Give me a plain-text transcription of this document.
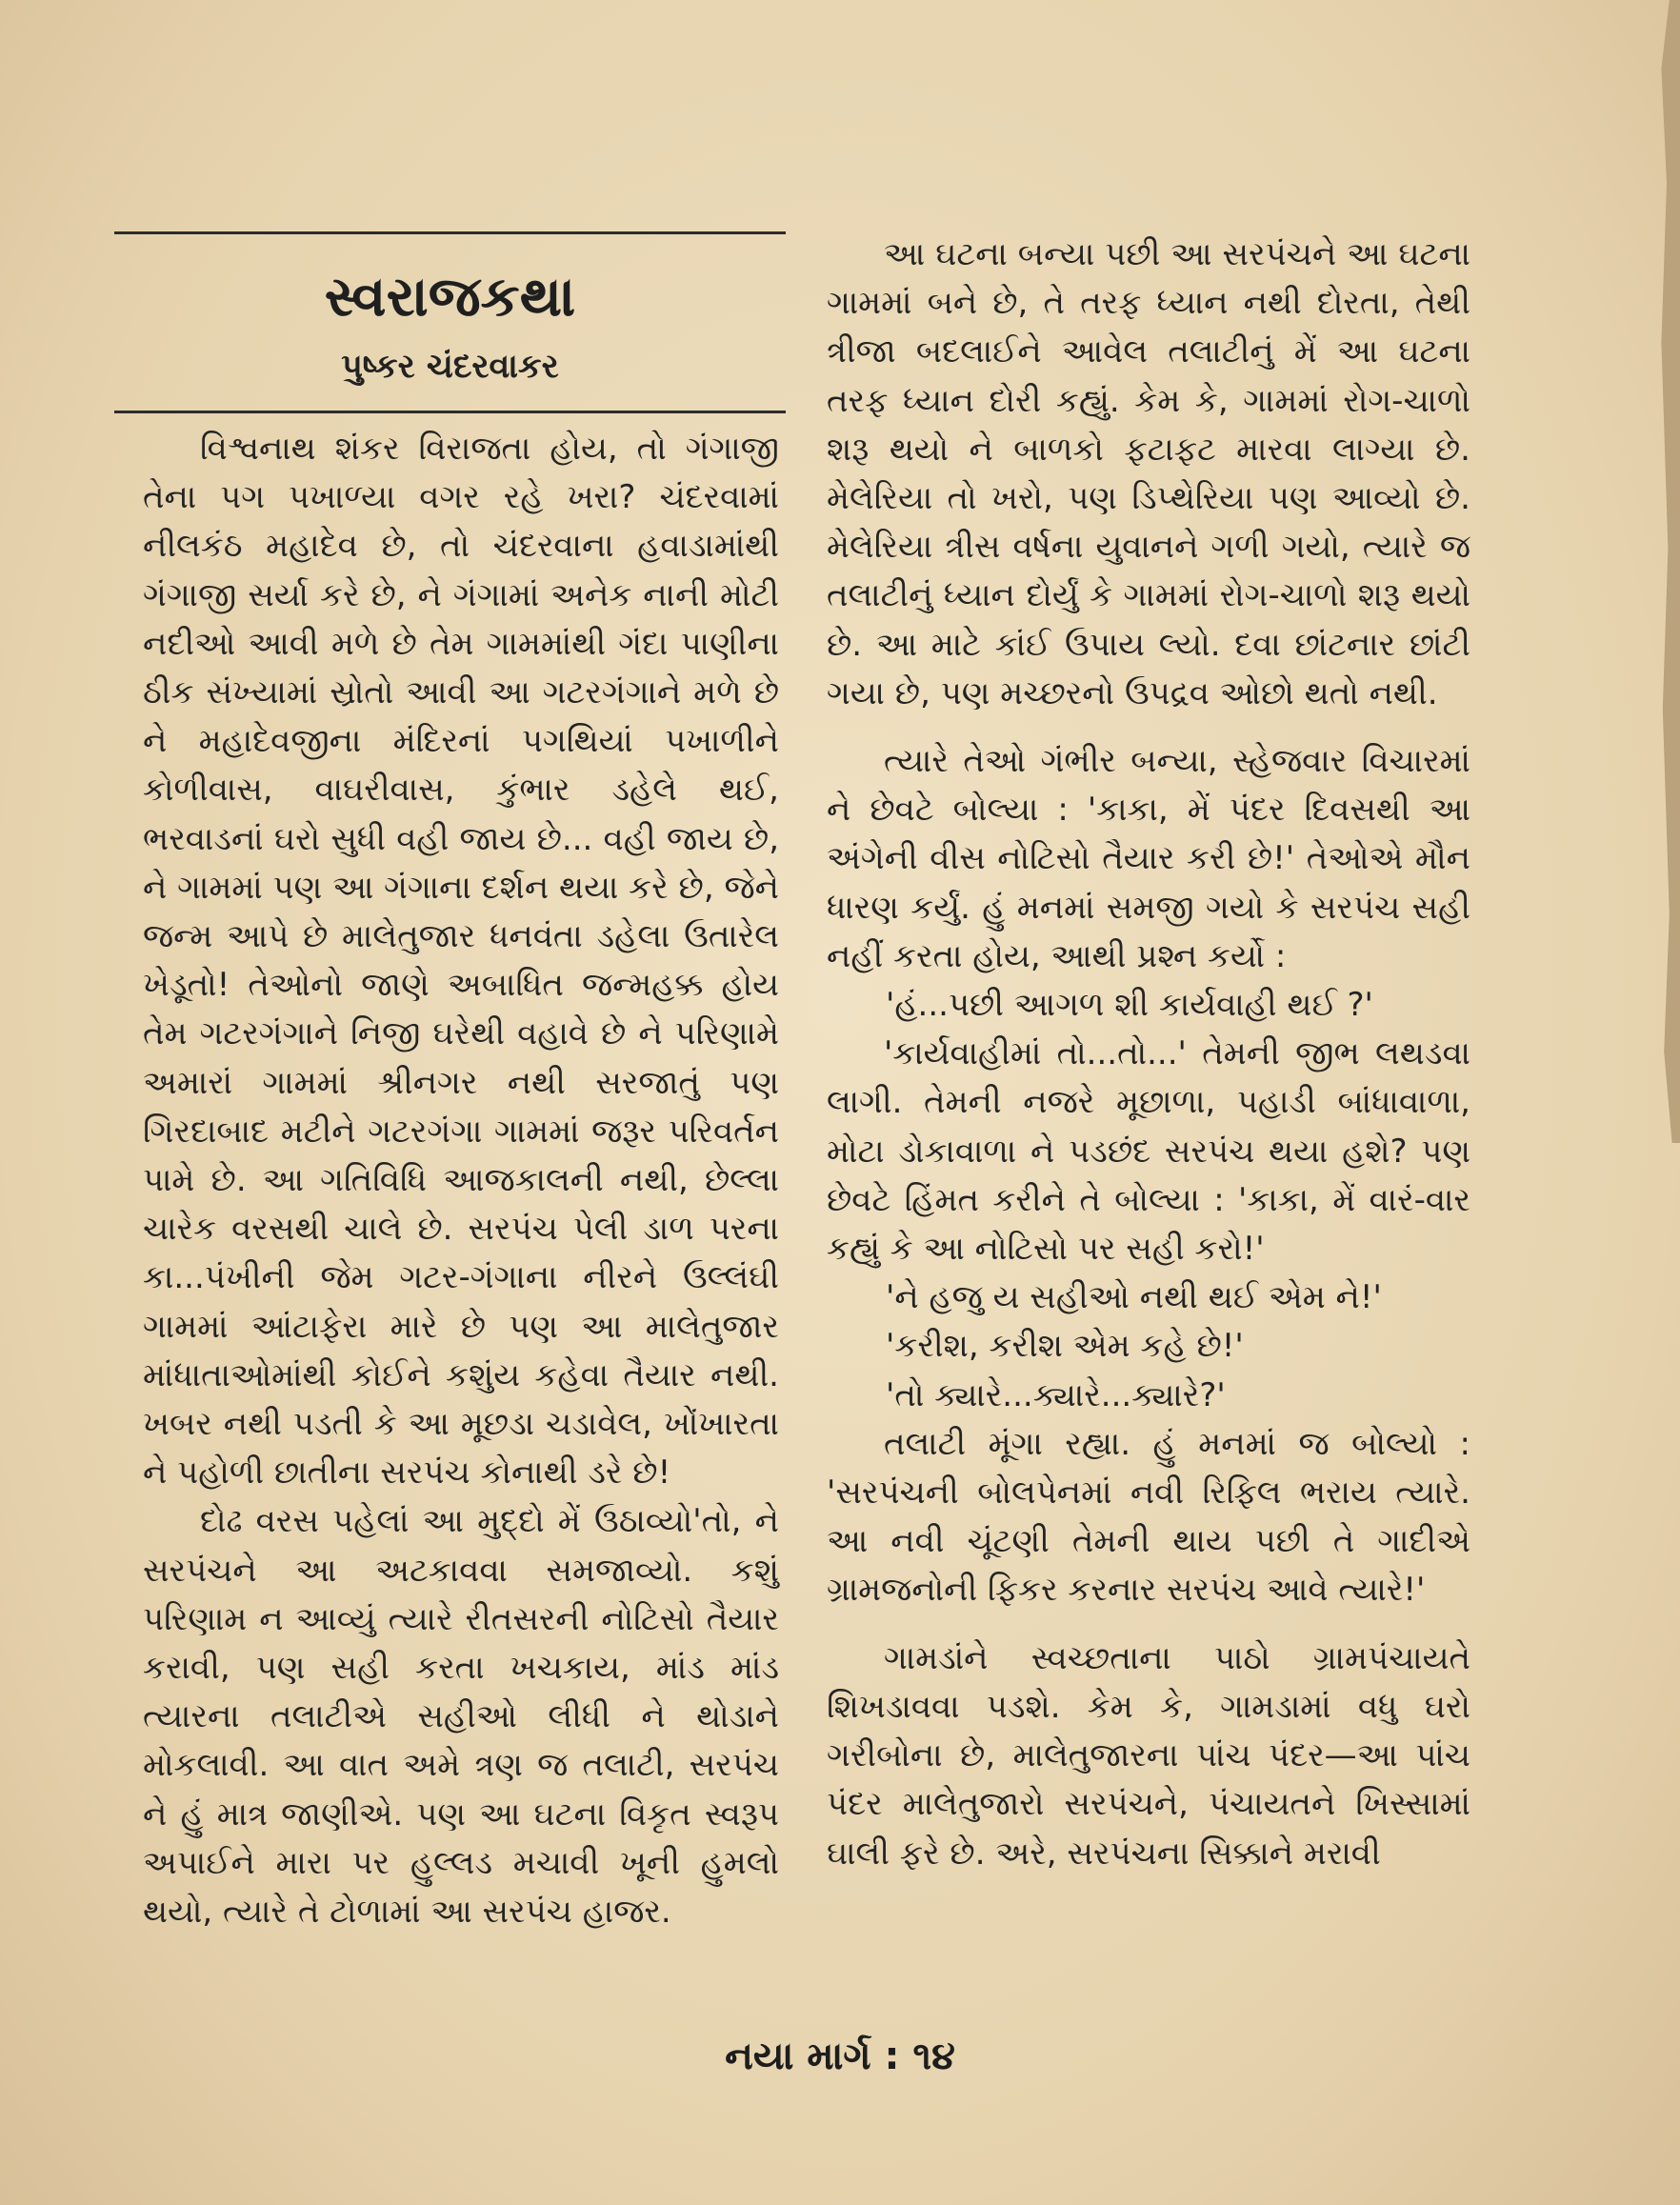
સ્વરાજકથા
પુષ્કર ચંદરવાકર

વિશ્વનાથ શંકર વિરાજતા હોય, તો ગંગાજી તેના પગ પખાળ્યા વગર રહે ખરા? ચંદરવામાં નીલકંઠ મહાદેવ છે, તો ચંદરવાના હવાડામાંથી ગંગાજી સર્યા કરે છે, ને ગંગામાં અનેક નાની મોટી નદીઓ આવી મળે છે તેમ ગામમાંથી ગંદા પાણીના ઠીક સંખ્યામાં સ્રોતો આવી આ ગટરગંગાને મળે છે ને મહાદેવજીના મંદિરનાં પગથિયાં પખાળીને કોળીવાસ, વાઘરીવાસ, કુંભાર ડહેલે થઈ, ભરવાડનાં ઘરો સુધી વહી જાય છે... વહી જાય છે, ને ગામમાં પણ આ ગંગાના દર્શન થયા કરે છે, જેને જન્મ આપે છે માલેતુજાર ધનવંતા ડહેલા ઉતારેલ ખેડૂતો! તેઓનો જાણે અબાધિત જન્મહક્ક હોય તેમ ગટરગંગાને નિજી ઘરેથી વહાવે છે ને પરિણામે અમારાં ગામમાં શ્રીનગર નથી સરજાતું પણ ગિરદાબાદ મટીને ગટરગંગા ગામમાં જરૂર પરિવર્તન પામે છે. આ ગતિવિધિ આજકાલની નથી, છેલ્લા ચારેક વરસથી ચાલે છે. સરપંચ પેલી ડાળ પરના કા...પંખીની જેમ ગટર-ગંગાના નીરને ઉલ્લંઘી ગામમાં આંટાફેરા મારે છે પણ આ માલેતુજાર માંધાતાઓમાંથી કોઈને કશુંય કહેવા તૈયાર નથી. ખબર નથી પડતી કે આ મૂછડા ચડાવેલ, ખોંખારતા ને પહોળી છાતીના સરપંચ કોનાથી ડરે છે!

દોઢ વરસ પહેલાં આ મુદ્દો મેં ઉઠાવ્યો'તો, ને સરપંચને આ અટકાવવા સમજાવ્યો. કશું પરિણામ ન આવ્યું ત્યારે રીતસરની નોટિસો તૈયાર કરાવી, પણ સહી કરતા ખચકાય, માંડ માંડ ત્યારના તલાટીએ સહીઓ લીધી ને થોડાને મોકલાવી. આ વાત અમે ત્રણ જ તલાટી, સરપંચ ને હું માત્ર જાણીએ. પણ આ ઘટના વિકૃત સ્વરૂપ અપાઈને મારા પર હુલ્લડ મચાવી ખૂની હુમલો થયો, ત્યારે તે ટોળામાં આ સરપંચ હાજર.

આ ઘટના બન્યા પછી આ સરપંચને આ ઘટના ગામમાં બને છે, તે તરફ ધ્યાન નથી દોરતા, તેથી ત્રીજા બદલાઈને આવેલ તલાટીનું મેં આ ઘટના તરફ ધ્યાન દોરી કહ્યું. કેમ કે, ગામમાં રોગ-ચાળો શરૂ થયો ને બાળકો ફટાફટ મારવા લાગ્યા છે. મેલેરિયા તો ખરો, પણ ડિપ્થેરિયા પણ આવ્યો છે. મેલેરિયા ત્રીસ વર્ષના યુવાનને ગળી ગયો, ત્યારે જ તલાટીનું ધ્યાન દોર્યું કે ગામમાં રોગ-ચાળો શરૂ થયો છે. આ માટે કાંઈ ઉપાય લ્યો. દવા છાંટનાર છાંટી ગયા છે, પણ મચ્છરનો ઉપદ્રવ ઓછો થતો નથી.

ત્યારે તેઓ ગંભીર બન્યા, સ્હેજવાર વિચારમાં ને છેવટે બોલ્યા : 'કાકા, મેં પંદર દિવસથી આ અંગેની વીસ નોટિસો તૈયાર કરી છે!' તેઓએ મૌન ધારણ કર્યું. હું મનમાં સમજી ગયો કે સરપંચ સહી નહીં કરતા હોય, આથી પ્રશ્ન કર્યો :

'હં...પછી આગળ શી કાર્યવાહી થઈ ?'

'કાર્યવાહીમાં તો...તો...' તેમની જીભ લથડવા લાગી. તેમની નજરે મૂછાળા, પહાડી બાંધાવાળા, મોટા ડોકાવાળા ને પડછંદ સરપંચ થયા હશે? પણ છેવટે હિંમત કરીને તે બોલ્યા : 'કાકા, મેં વારં-વાર કહ્યું કે આ નોટિસો પર સહી કરો!'

'ને હજુ ય સહીઓ નથી થઈ એમ ને!'

'કરીશ, કરીશ એમ કહે છે!'

'તો ક્યારે...ક્યારે...ક્યારે?'

તલાટી મૂંગા રહ્યા. હું મનમાં જ બોલ્યો : 'સરપંચની બોલપેનમાં નવી રિફિલ ભરાય ત્યારે. આ નવી ચૂંટણી તેમની થાય પછી તે ગાદીએ ગ્રામજનોની ફિકર કરનાર સરપંચ આવે ત્યારે!'

ગામડાંને સ્વચ્છતાના પાઠો ગ્રામપંચાયતે શિખડાવવા પડશે. કેમ કે, ગામડામાં વધુ ઘરો ગરીબોના છે, માલેતુજારના પાંચ પંદર—આ પાંચ પંદર માલેતુજારો સરપંચને, પંચાયતને ખિસ્સામાં ઘાલી ફરે છે. અરે, સરપંચના સિક્કાને મરાવી

નયા માર્ગ : ૧૪
